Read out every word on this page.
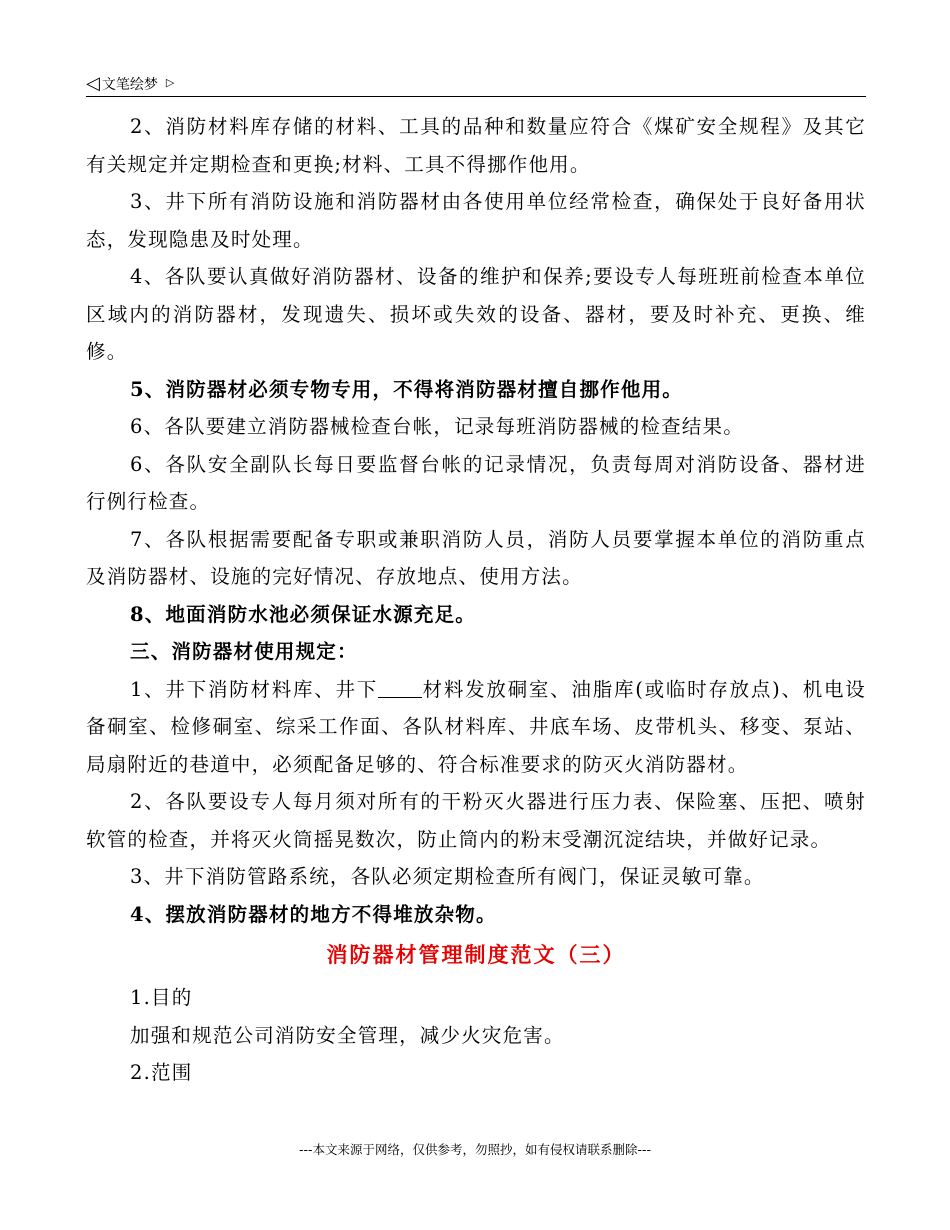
◁ 文笔绘梦 ▷

2、消防材料库存储的材料、工具的品种和数量应符合《煤矿安全规程》及其它有关规定并定期检查和更换;材料、工具不得挪作他用。

3、井下所有消防设施和消防器材由各使用单位经常检查，确保处于良好备用状态，发现隐患及时处理。

4、各队要认真做好消防器材、设备的维护和保养;要设专人每班班前检查本单位区域内的消防器材，发现遗失、损坏或失效的设备、器材，要及时补充、更换、维修。

5、消防器材必须专物专用，不得将消防器材擅自挪作他用。

6、各队要建立消防器械检查台帐，记录每班消防器械的检查结果。

6、各队安全副队长每日要监督台帐的记录情况，负责每周对消防设备、器材进行例行检查。

7、各队根据需要配备专职或兼职消防人员，消防人员要掌握本单位的消防重点及消防器材、设施的完好情况、存放地点、使用方法。

8、地面消防水池必须保证水源充足。

三、消防器材使用规定：

1、井下消防材料库、井下 材料发放硐室、油脂库(或临时存放点)、机电设备硐室、检修硐室、综采工作面、各队材料库、井底车场、皮带机头、移变、泵站、局扇附近的巷道中，必须配备足够的、符合标准要求的防灭火消防器材。

2、各队要设专人每月须对所有的干粉灭火器进行压力表、保险塞、压把、喷射软管的检查，并将灭火筒摇晃数次，防止筒内的粉末受潮沉淀结块，并做好记录。

3、井下消防管路系统，各队必须定期检查所有阀门，保证灵敏可靠。

4、摆放消防器材的地方不得堆放杂物。

消防器材管理制度范文（三）

1.目的

加强和规范公司消防安全管理，减少火灾危害。

2.范围

---本文来源于网络，仅供参考，勿照抄，如有侵权请联系删除---
